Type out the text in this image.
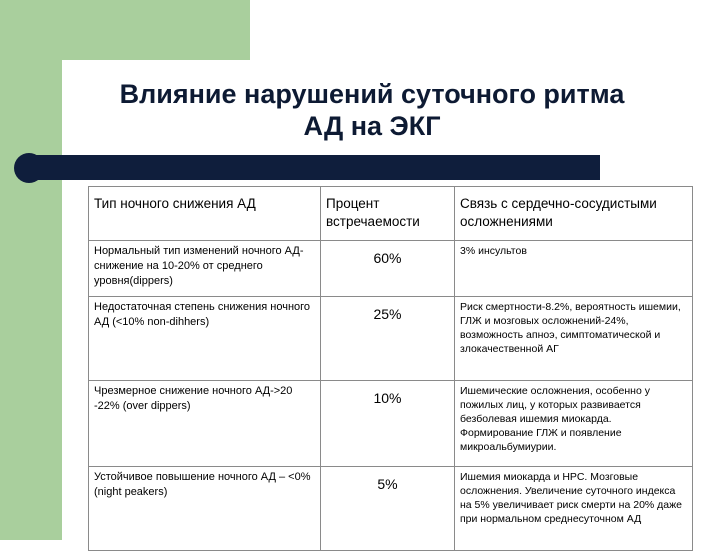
Влияние нарушений суточного ритма
АД на ЭКГ
Тип ночного снижения АД	Процент встречаемости	Связь с сердечно-сосудистыми осложнениями
Нормальный тип изменений ночного АД-снижение на 10-20% от среднего уровня(dippers)	60%	3% инсультов
Недостаточная степень снижения ночного АД (<10% non-dihhers)	25%	Риск смертности-8.2%, вероятность ишемии, ГЛЖ и мозговых осложнений-24%, возможность апноэ, симптоматической и злокачественной АГ
Чрезмерное снижение ночного АД->20 -22% (over dippers)	10%	Ишемические осложнения, особенно у пожилых лиц, у которых развивается безболевая ишемия миокарда. Формирование ГЛЖ и появление микроальбумиурии.
Устойчивое повышение ночного АД – <0% (night peakers)	5%	Ишемия миокарда и НРС. Мозговые осложнения. Увеличение суточного индекса на 5% увеличивает риск смерти на 20% даже при нормальном среднесуточном АД
